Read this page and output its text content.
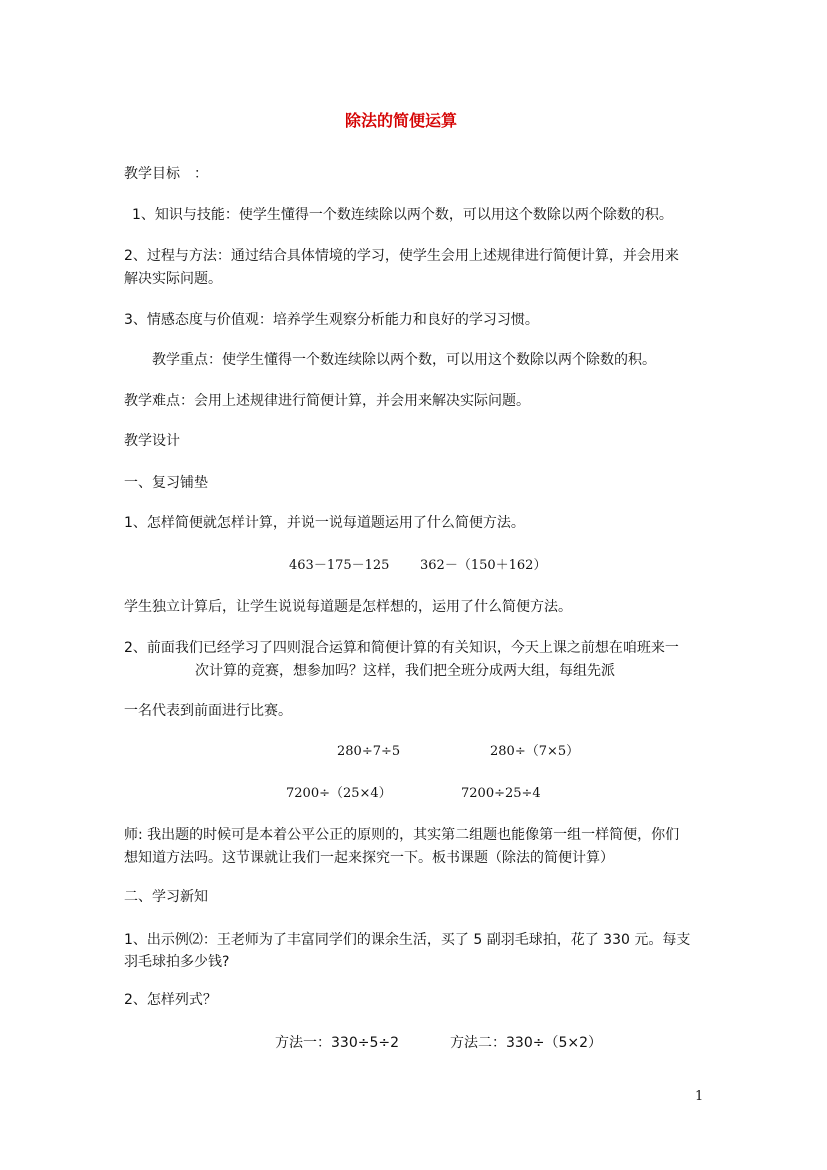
除法的简便运算
教学目标　：
1、知识与技能：使学生懂得一个数连续除以两个数，可以用这个数除以两个除数的积。
2、过程与方法：通过结合具体情境的学习，使学生会用上述规律进行简便计算，并会用来
解决实际问题。
3、情感态度与价值观：培养学生观察分析能力和良好的学习习惯。
教学重点：使学生懂得一个数连续除以两个数，可以用这个数除以两个除数的积。
教学难点：会用上述规律进行简便计算，并会用来解决实际问题。
教学设计
一、复习铺垫
1、怎样简便就怎样计算，并说一说每道题运用了什么简便方法。
463－175－125 362－（150＋162）
学生独立计算后，让学生说说每道题是怎样想的，运用了什么简便方法。
2、前面我们已经学习了四则混合运算和简便计算的有关知识，今天上课之前想在咱班来一
次计算的竞赛，想参加吗？这样，我们把全班分成两大组，每组先派
一名代表到前面进行比赛。
280÷7÷5	280÷（7×5）
7200÷（25×4）	7200÷25÷4
师: 我出题的时候可是本着公平公正的原则的，其实第二组题也能像第一组一样简便，你们
想知道方法吗。这节课就让我们一起来探究一下。板书课题（除法的简便计算）
二、学习新知
1、出示例⑵：王老师为了丰富同学们的课余生活，买了 5 副羽毛球拍，花了 330 元。每支
羽毛球拍多少钱?
2、怎样列式？
方法一：330÷5÷2	方法二：330÷（5×2）
1
